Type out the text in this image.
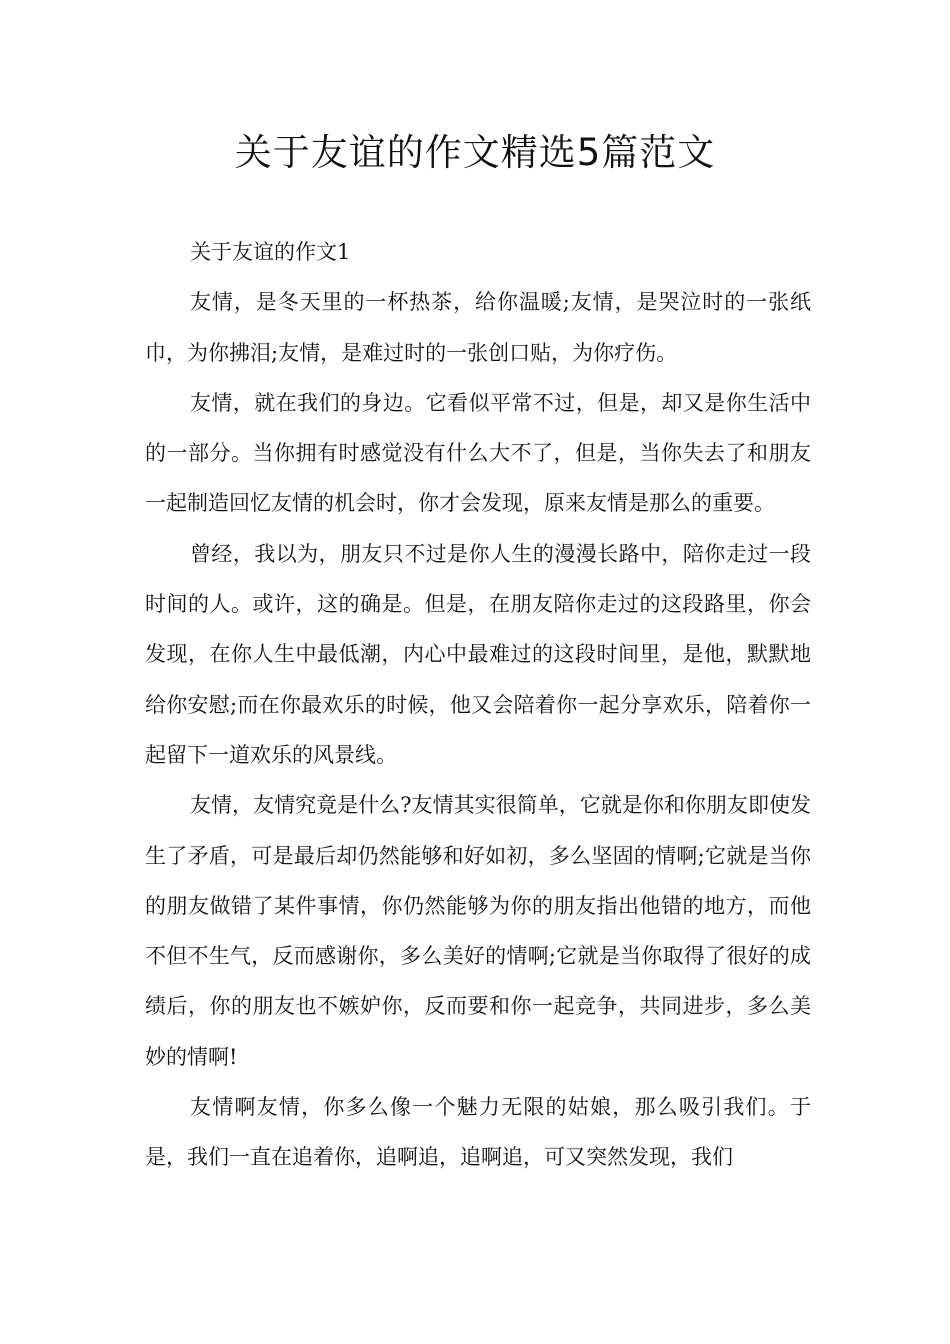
关于友谊的作文精选5篇范文

关于友谊的作文1

友情，是冬天里的一杯热茶，给你温暖;友情，是哭泣时的一张纸巾，为你拂泪;友情，是难过时的一张创口贴，为你疗伤。

友情，就在我们的身边。它看似平常不过，但是，却又是你生活中的一部分。当你拥有时感觉没有什么大不了，但是，当你失去了和朋友一起制造回忆友情的机会时，你才会发现，原来友情是那么的重要。

曾经，我以为，朋友只不过是你人生的漫漫长路中，陪你走过一段时间的人。或许，这的确是。但是，在朋友陪你走过的这段路里，你会发现，在你人生中最低潮，内心中最难过的这段时间里，是他，默默地给你安慰;而在你最欢乐的时候，他又会陪着你一起分享欢乐，陪着你一起留下一道欢乐的风景线。

友情，友情究竟是什么?友情其实很简单，它就是你和你朋友即使发生了矛盾，可是最后却仍然能够和好如初，多么坚固的情啊;它就是当你的朋友做错了某件事情，你仍然能够为你的朋友指出他错的地方，而他不但不生气，反而感谢你，多么美好的情啊;它就是当你取得了很好的成绩后，你的朋友也不嫉妒你，反而要和你一起竞争，共同进步，多么美妙的情啊!

友情啊友情，你多么像一个魅力无限的姑娘，那么吸引我们。于是，我们一直在追着你，追啊追，追啊追，可又突然发现，我们
